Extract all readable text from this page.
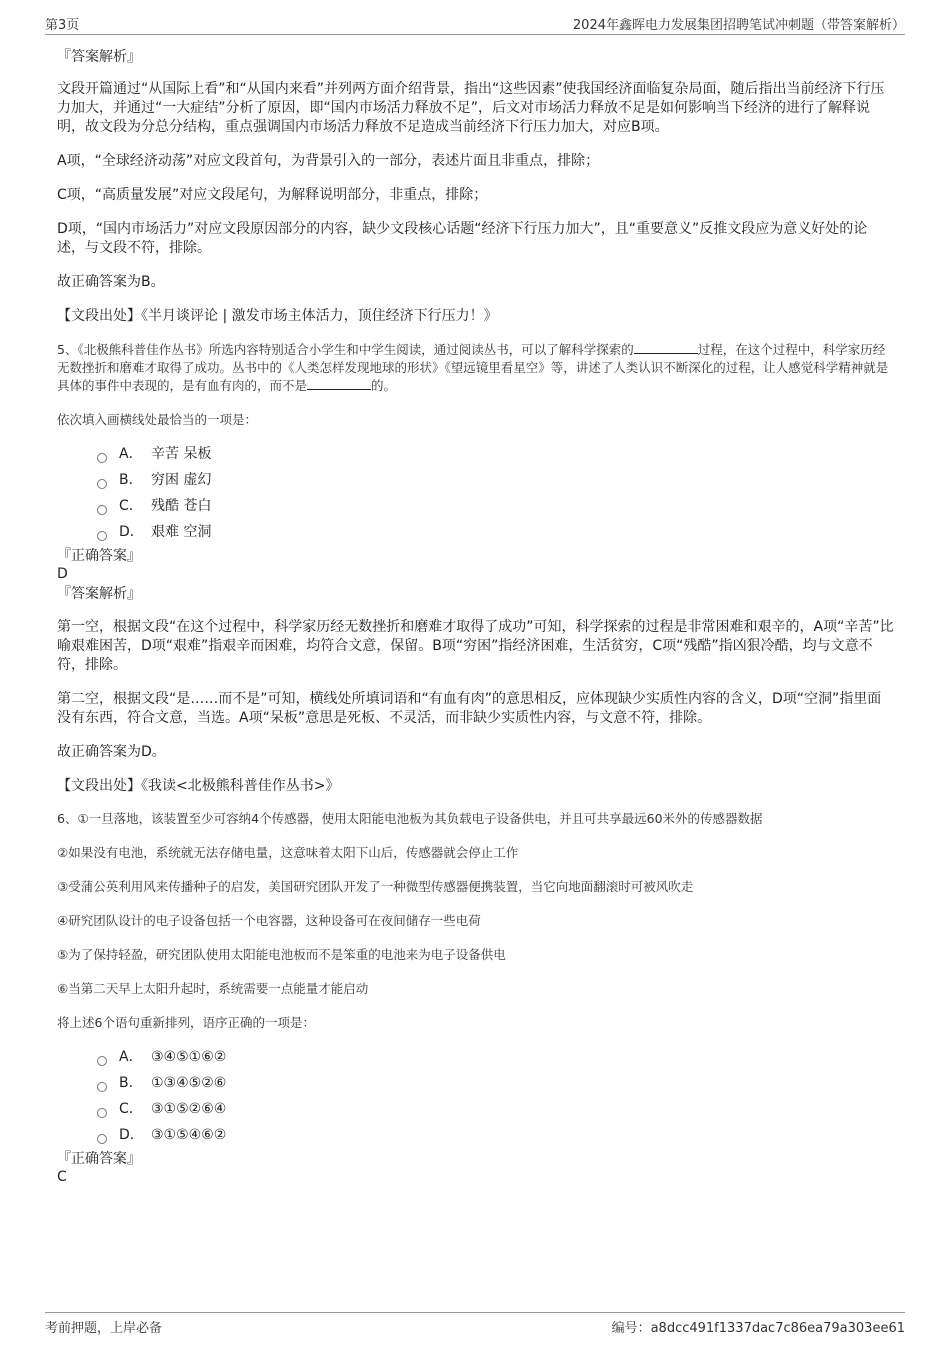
第3页	2024年鑫晖电力发展集团招聘笔试冲刺题（带答案解析）

『答案解析』

文段开篇通过“从国际上看”和“从国内来看”并列两方面介绍背景，指出“这些因素”使我国经济面临复杂局面，随后指出当前经济下行压力加大，并通过“一大症结”分析了原因，即“国内市场活力释放不足”，后文对市场活力释放不足是如何影响当下经济的进行了解释说明，故文段为分总分结构，重点强调国内市场活力释放不足造成当前经济下行压力加大，对应B项。

A项，“全球经济动荡”对应文段首句，为背景引入的一部分，表述片面且非重点，排除；

C项，“高质量发展”对应文段尾句，为解释说明部分，非重点，排除；

D项，“国内市场活力”对应文段原因部分的内容，缺少文段核心话题“经济下行压力加大”，且“重要意义”反推文段应为意义好处的论述，与文段不符，排除。

故正确答案为B。

【文段出处】《半月谈评论 | 激发市场主体活力，顶住经济下行压力！》

5、《北极熊科普佳作丛书》所选内容特别适合小学生和中学生阅读，通过阅读丛书，可以了解科学探索的	过程，在这个过程中，科学家历经无数挫折和磨难才取得了成功。丛书中的《人类怎样发现地球的形状》《望远镜里看星空》等，讲述了人类认识不断深化的过程，让人感觉科学精神就是具体的事件中表现的，是有血有肉的，而不是	的。

依次填入画横线处最恰当的一项是：

A． 辛苦 呆板
B． 穷困 虚幻
C． 残酷 苍白
D． 艰难 空洞

『正确答案』

D

『答案解析』

第一空，根据文段“在这个过程中，科学家历经无数挫折和磨难才取得了成功”可知，科学探索的过程是非常困难和艰辛的，A项“辛苦”比喻艰难困苦，D项“艰难”指艰辛而困难，均符合文意，保留。B项“穷困”指经济困难，生活贫穷，C项“残酷”指凶狠冷酷，均与文意不符，排除。

第二空，根据文段“是……而不是”可知，横线处所填词语和“有血有肉”的意思相反，应体现缺少实质性内容的含义，D项“空洞”指里面没有东西，符合文意，当选。A项“呆板”意思是死板、不灵活，而非缺少实质性内容，与文意不符，排除。

故正确答案为D。

【文段出处】《我读<北极熊科普佳作丛书>》

6、①一旦落地，该装置至少可容纳4个传感器，使用太阳能电池板为其负载电子设备供电，并且可共享最远60米外的传感器数据

②如果没有电池，系统就无法存储电量，这意味着太阳下山后，传感器就会停止工作

③受蒲公英利用风来传播种子的启发，美国研究团队开发了一种微型传感器便携装置，当它向地面翻滚时可被风吹走

④研究团队设计的电子设备包括一个电容器，这种设备可在夜间储存一些电荷

⑤为了保持轻盈，研究团队使用太阳能电池板而不是笨重的电池来为电子设备供电

⑥当第二天早上太阳升起时，系统需要一点能量才能启动

将上述6个语句重新排列，语序正确的一项是：

A． ③④⑤①⑥②
B． ①③④⑤②⑥
C． ③①⑤②⑥④
D． ③①⑤④⑥②

『正确答案』

C

考前押题，上岸必备	编号：a8dcc491f1337dac7c86ea79a303ee61
